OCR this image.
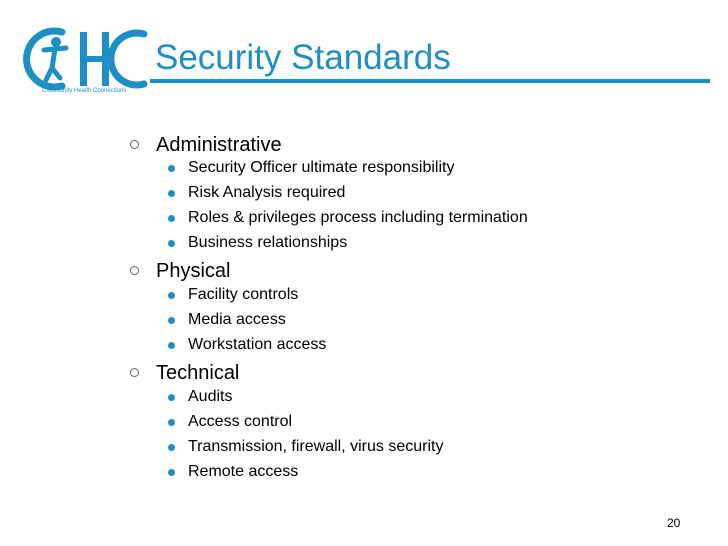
Community Health Connections
Security Standards
Administrative
Security Officer ultimate responsibility
Risk Analysis required
Roles & privileges process including termination
Business relationships
Physical
Facility controls
Media access
Workstation access
Technical
Audits
Access control
Transmission, firewall, virus security
Remote access
20
